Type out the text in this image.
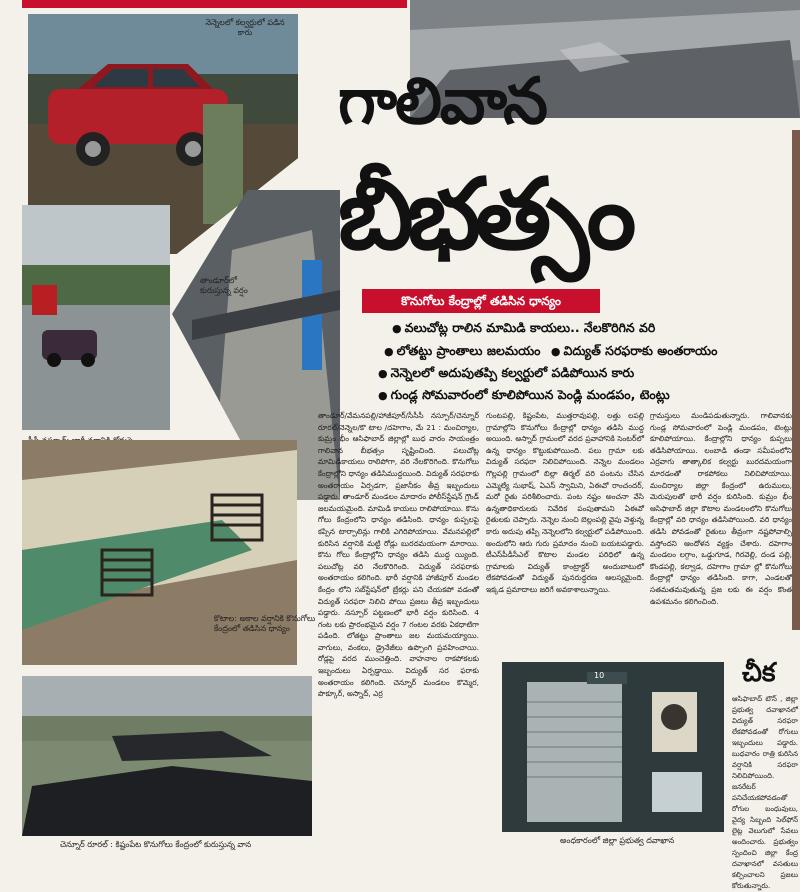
నెన్నెలలో కల్వర్టులో పడిన కారు
తాండూర్‌లో కురుస్తున్న వర్షం
కొటాల: అకాల వర్షానికి కొనుగోలు కేంద్రంలో తడిసిన ధాన్యం
చెన్నూర్‌ రూరల్‌ : కిష్టంపేట కొనుగోలు కేంద్రంలో కురుస్తున్న వాన
గాలివాన
బీభత్సం
కొనుగోలు కేంద్రాల్లో తడిసిన ధాన్యం
● వలుచోట్ల రాలిన మామిడి కాయలు.. నేలకొరిగిన వరి
● లోతట్టు ప్రాంతాలు జలమయం ● విద్యుత్ సరఫరాకు అంతరాయం
● నెన్నెలలో అదుపుతప్పి కల్వర్టులో పడిపోయిన కారు
● గుండ్ల సోమవారంలో కూలిపోయిన పెండ్లి మండపం, టెంట్లు

తాండూర్‌/వేమనపల్లి/హాజీపూర్‌/సీసీసీ నస్పూర్‌/చెన్నూర్‌ రూరల్‌/నెన్నెల/కొ టాల /దహెగాం, మే 21 : మంచిర్యాల, కుమ్రం భీం ఆసిఫాబాద్‌ జిల్లాల్లో బుధ వారం సాయంత్రం గాలివాన బీభత్సం సృష్టించింది. పలుచోట్ల మామిడికాయలు రాలిపోగా, వరి నేలకొరిగింది. కొనుగోలు కేంద్రాల్లోని ధాన్యం తడిసిముద్దయింది. విద్యుత్ సరఫరాకు అంతరాయం ఏర్పడగా, ప్రజానీకం తీవ్ర ఇబ్బందులు పడ్డారు. తాండూర్‌ మండలం మాదారం పోలీస్‌స్టేషన్‌ గ్రౌండ్‌ జలమయమైంది. మామిడి కాయలు రాలిపోయాయి. కొను గోలు కేంద్రంలోని ధాన్యం తడిసింది. ధాన్యం కుప్పలపై కప్పిన టార్పాలిన్లు గాలికి ఎగిరిపోయాయి. వేమనపల్లిలో కురిసిన వర్షానికి మట్టి రోడ్లు బురదమయంగా మారాయి. కొను గోలు కేంద్రాల్లోని ధాన్యం తడిసి ముద్ద య్యింది. పలుచోట్ల వరి నేలకొరిగింది. విద్యుత్ సరఫరాకు అంతరాయం కలిగింది. భారీ వర్షానికి హాజీపూర్‌ మండల కేంద్రం లోని సబ్‌స్టేషన్‌లో బ్రేకర్లు పని చేయకపో వడంతో విద్యుత్ సరఫరా నిలిచి పోయి ప్రజలు తీవ్ర ఇబ్బందులు పడ్డారు. నస్పూర్‌ పట్టణంలో భారీ వర్షం కురిసింది. 4 గంట లకు ప్రారంభమైన వర్షం 7 గంటల వరకు ఏకధాటిగా పడింది. లోతట్టు ప్రాంతాలు జల మయమయ్యాయి. వాగులు, వంకలు, డ్రైనేజీలు ఉప్పొంగి ప్రవహించాయి. రోడ్లపై వరద ముంచెత్తింది. వాహనాల రాకపోకలకు ఇబ్బందులు ఏర్పడ్డాయి. విద్యుత్ సర ఫరాకు అంతరాయం కలిగింది. చెన్నూర్‌ మండలం కొమ్మెర, పొక్కూర్‌, అస్నాద్‌, ఎర్ర

గుంటపల్లి, కిష్టంపేట, ముత్తరావుపల్లి, లత్తు లపల్లి గ్రామాల్లోని కొనుగోలు కేంద్రాల్లో ధాన్యం తడిసి ముద్ద అయింది. అస్నాద్‌ గ్రామంలో వరద ప్రవాహానికి సెంటర్‌లో ఉన్న ధాన్యం కొట్టుకుపోయింది. పలు గ్రామా లకు విద్యుత్ సరఫరా నిలిచిపోయింది. నెన్నెల మండలం గొల్లపల్లి గ్రామంలో బిల్లా తిర్మల్‌ వరి పంటను చేసిన ఎమ్మెల్యే సుభాష్‌, ఏఎస్‌ స్వామిని, ఏఈవో రాంచందర్‌, మరో రైతు పరిశీలించారు. పంట నష్టం అంచనా వేసి ఉన్నతాధికారులకు నివేదిక పంపుతామని ఏఈవో రైతులకు చెప్పారు. నెన్నెల నుంచి బెల్లంపల్లి వైపు వెళ్తున్న కారు అదుపు తప్పి నెన్నెలలోని కల్వర్టులో పడిపోయింది. అందులోని ఆరు గురు ప్రమాదం నుంచి బయటపడ్డారు. టీఎస్‌పీడీసీఎల్‌ కొటాల మండల పరిధిలో ఉన్న గ్రామాలకు విద్యుత్ కాంట్రాక్టర్‌ అందుబాటులో లేకపోవడంతో విద్యుత్ పునరుద్ధరణ ఆలస్యమైంది. ఇక్కడ ప్రమాదాలు జరిగే అవకాశాలున్నాయి.

గ్రామస్తులు మండిపడుతున్నారు. గాలివానకు గుండ్ల సోమవారంలో పెండ్లి మండపం, టెంట్లు కూలిపోయాయి. కేంద్రాల్లోని ధాన్యం కుప్పలు తడిసిపోయాయి. లంబాడి తండా సమీపంలోని ఎర్రవాగు తాత్కాలిక కల్వర్టు బురదమయంగా మారడంతో రాకపోకలు నిలిచిపోయాయి. మంచిర్యాల జిల్లా కేంద్రంలో ఉరుములు, మెరుపులతో భారీ వర్షం కురిసింది. కుమ్రం భీం ఆసిఫాబాద్‌ జిల్లా కౌటాల మండలంలోని కొనుగోలు కేంద్రాల్లో వరి ధాన్యం తడిసిపోయింది. వరి ధాన్యం తడిసి పోవడంతో రైతులు తీవ్రంగా నష్టపోవాల్సి వస్తోందని ఆందోళన వ్యక్తం చేశారు. దహెగాం మండలం లగ్గాం, ఒడ్డుగూడ, గిరవెల్లి, దండ పల్లి, కొండపల్లి, కల్వాడ, దహెగాం గ్రామా ల్లో కొనుగోలు కేంద్రాల్లో ధాన్యం తడిసింది. కాగా, ఎండలతో సతమతమవుతున్న ప్రజ లకు ఈ వర్షం కొంత ఉపశమనం కలిగించింది.

10
అంధకారంలో జిల్లా ప్రభుత్వ దవాఖాన
చీక

ఆసిఫాబాద్‌ టౌన్‌ , జిల్లా ప్రభుత్వ దవాఖానలో విద్యుత్ సరఫరా లేకపోవడంతో రోగులు ఇబ్బందులు పడ్డారు. బుధవారం రాత్రి కురిసిన వర్షానికి సరఫరా నిలిచిపోయింది. జనరేటర్‌ పనిచేయకపోవడంతో రోగుల బంధువులు, వైద్య సిబ్బంది సెల్‌ఫోన్‌ లైట్ల వెలుగులో సేవలు అందించారు. ప్రభుత్వం స్పందించి జిల్లా కేంద్ర దవాఖానలో వసతులు కల్పించాలని ప్రజలు కోరుతున్నారు.
